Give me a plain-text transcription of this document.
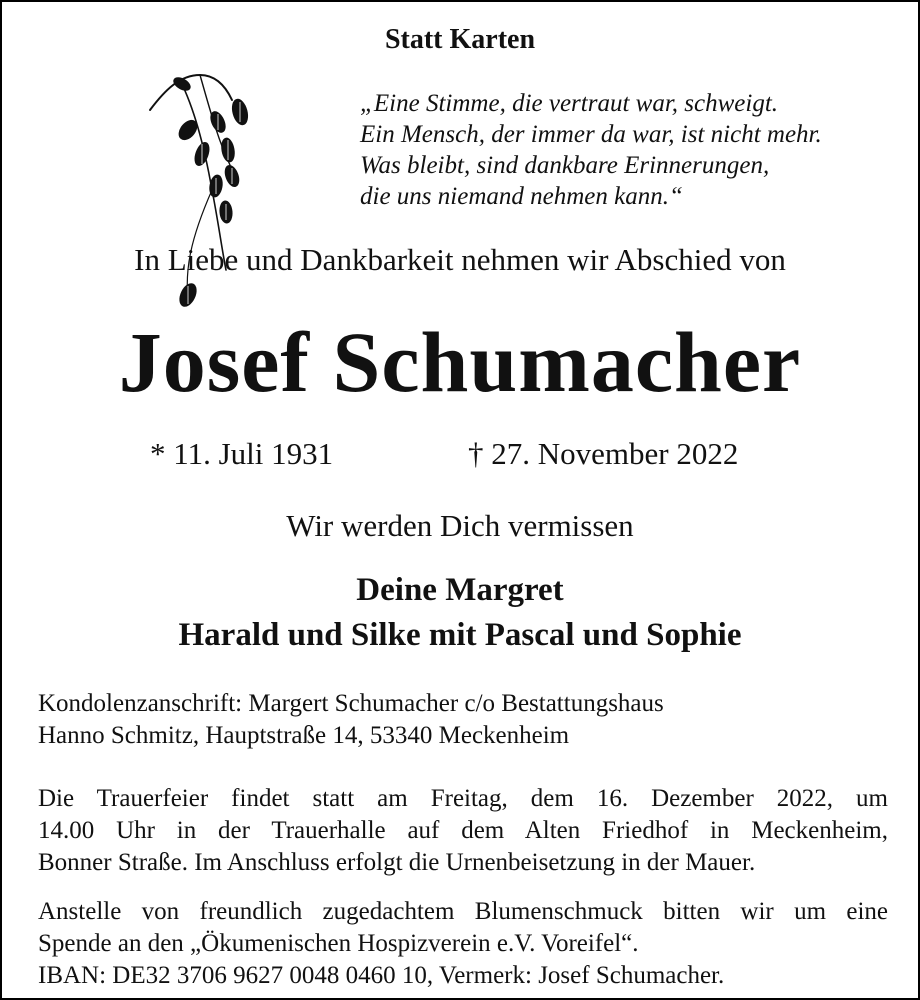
Statt Karten
„Eine Stimme, die vertraut war, schweigt.
Ein Mensch, der immer da war, ist nicht mehr.
Was bleibt, sind dankbare Erinnerungen,
die uns niemand nehmen kann.“
In Liebe und Dankbarkeit nehmen wir Abschied von
Josef Schumacher
* 11. Juli 1931	† 27. November 2022
Wir werden Dich vermissen
Deine Margret
Harald und Silke mit Pascal und Sophie
Kondolenzanschrift: Margert Schumacher c/o Bestattungshaus
Hanno Schmitz, Hauptstraße 14, 53340 Meckenheim
Die Trauerfeier findet statt am Freitag, dem 16. Dezember 2022, um
14.00 Uhr in der Trauerhalle auf dem Alten Friedhof in Meckenheim,
Bonner Straße. Im Anschluss erfolgt die Urnenbeisetzung in der Mauer.
Anstelle von freundlich zugedachtem Blumenschmuck bitten wir um eine
Spende an den „Ökumenischen Hospizverein e.V. Voreifel“.
IBAN: DE32 3706 9627 0048 0460 10, Vermerk: Josef Schumacher.
